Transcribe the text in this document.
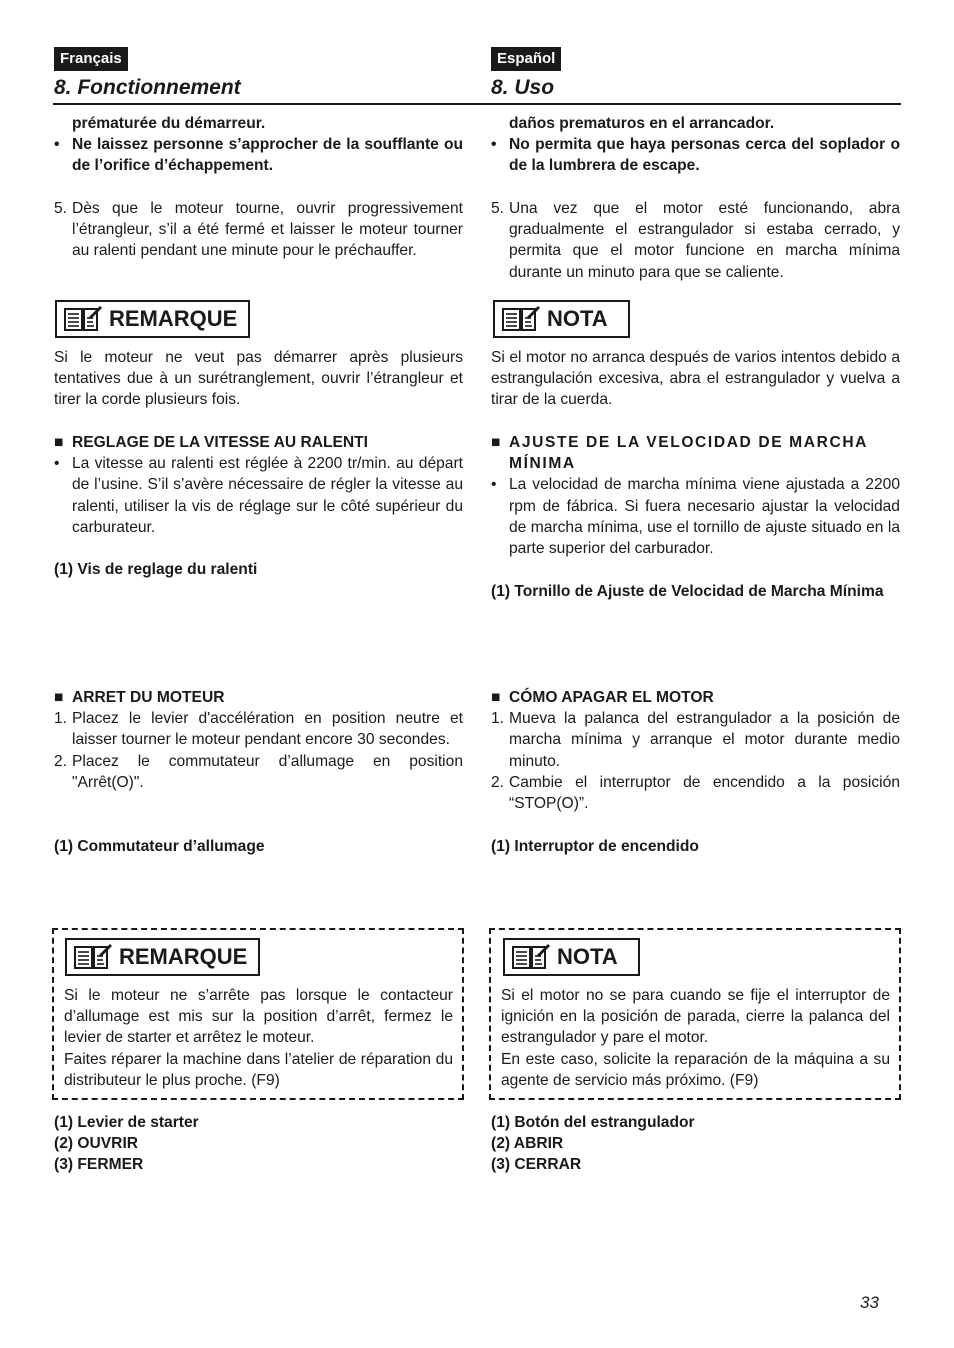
Français
8. Fonctionnement

prématurée du démarreur.

• Ne laissez personne s’approcher de la soufflante ou de l’orifice d’échappement.

5. Dès que le moteur tourne, ouvrir progressivement l’étrangleur, s’il a été fermé et laisser le moteur tourner au ralenti pendant une minute pour le préchauffer.

REMARQUE

Si le moteur ne veut pas démarrer après plusieurs tentatives due à un surétranglement, ouvrir l’étrangleur et tirer la corde plusieurs fois.

■ REGLAGE DE LA VITESSE AU RALENTI

• La vitesse au ralenti est réglée à 2200 tr/min. au départ de l’usine. S’il s’avère nécessaire de régler la vitesse au ralenti, utiliser la vis de réglage sur le côté supérieur du carburateur.

(1) Vis de reglage du ralenti

■ ARRET DU MOTEUR

1. Placez le levier d'accélération en position neutre et laisser tourner le moteur pendant encore 30 secondes.

2. Placez le commutateur d’allumage en position "Arrêt(O)".

(1) Commutateur d’allumage
REMARQUE

Si le moteur ne s’arrête pas lorsque le contacteur d’allumage est mis sur la position d’arrêt, fermez le levier de starter et arrêtez le moteur.

Faites réparer la machine dans l’atelier de réparation du distributeur le plus proche. (F9)

(1) Levier de starter
(2) OUVRIR
(3) FERMER
Español
8. Uso

daños prematuros en el arrancador.

• No permita que haya personas cerca del soplador o de la lumbrera de escape.

5. Una vez que el motor esté funcionando, abra gradualmente el estrangulador si estaba cerrado, y permita que el motor funcione en marcha mínima durante un minuto para que se caliente.

NOTA

Si el motor no arranca después de varios intentos debido a estrangulación excesiva, abra el estrangulador y vuelva a tirar de la cuerda.

■ AJUSTE DE LA VELOCIDAD DE MARCHA MÍNIMA

• La velocidad de marcha mínima viene ajustada a 2200 rpm de fábrica. Si fuera necesario ajustar la velocidad de marcha mínima, use el tornillo de ajuste situado en la parte superior del carburador.

(1) Tornillo de Ajuste de Velocidad de Marcha Mínima

■ CÓMO APAGAR EL MOTOR

1. Mueva la palanca del estrangulador a la posición de marcha mínima y arranque el motor durante medio minuto.

2. Cambie el interruptor de encendido a la posición “STOP(O)”.

(1) Interruptor de encendido
NOTA

Si el motor no se para cuando se fije el interruptor de ignición en la posición de parada, cierre la palanca del estrangulador y pare el motor.

En este caso, solicite la reparación de la máquina a su agente de servicio más próximo. (F9)

(1) Botón del estrangulador
(2) ABRIR
(3) CERRAR
33
